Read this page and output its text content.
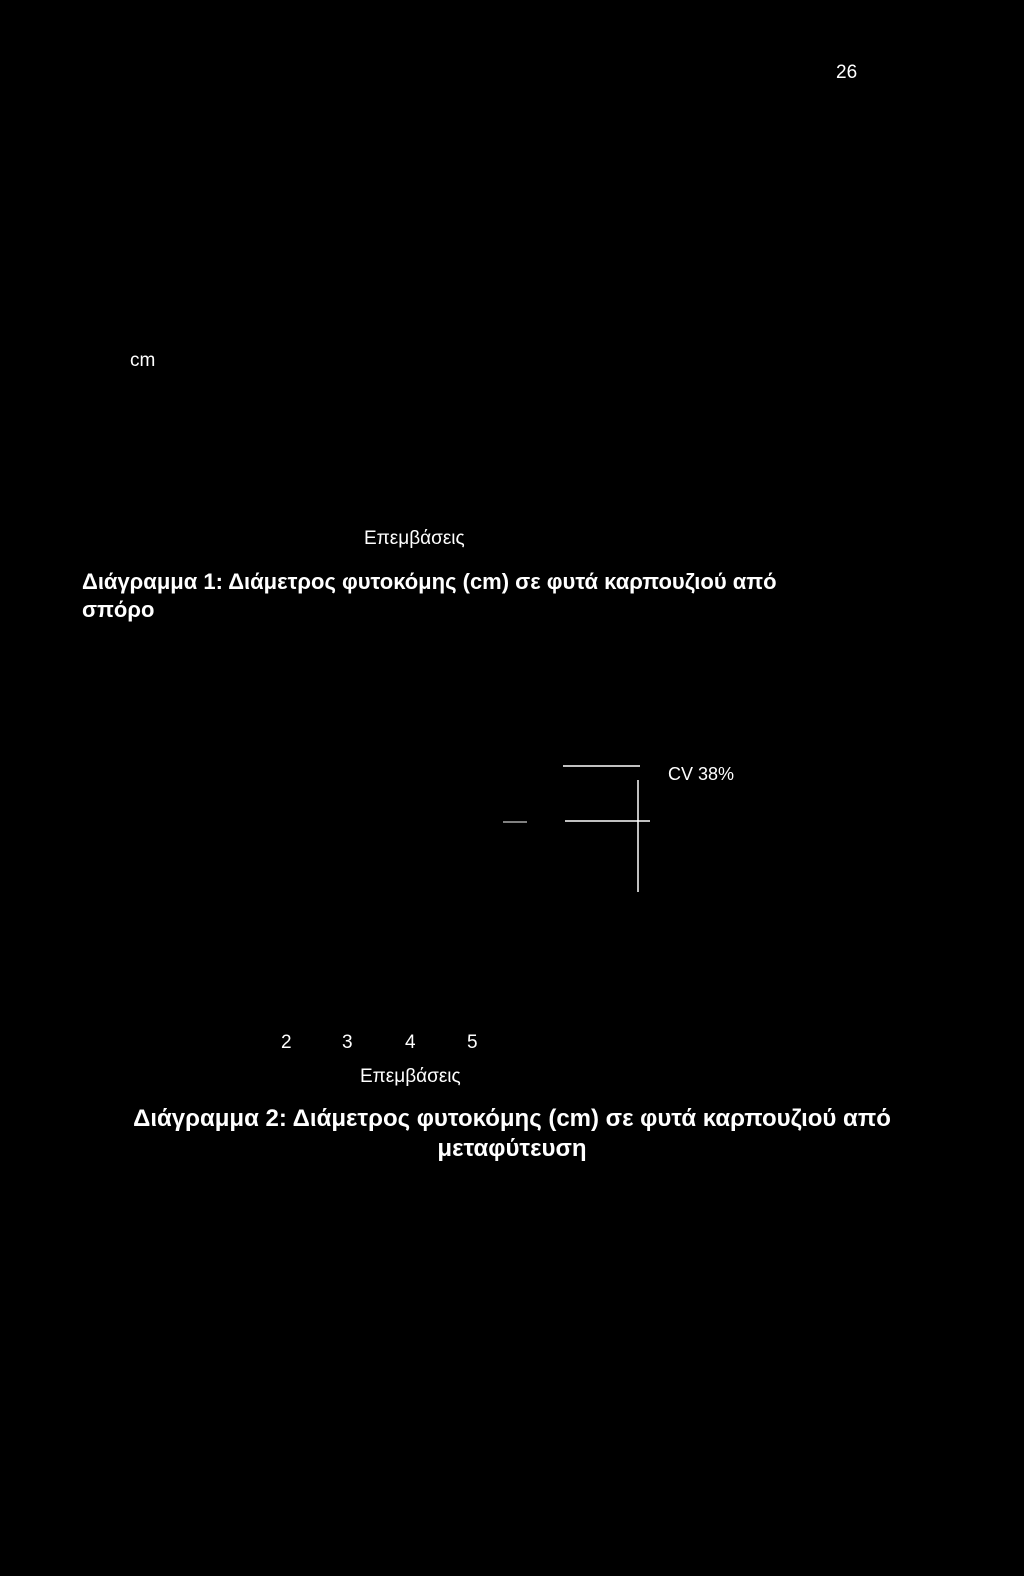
26
cm
Επεμβάσεις
Διάγραμμα 1: Διάμετρος φυτοκόμης (cm) σε φυτά καρπουζιού από σπόρο
CV 38%
2	3	4	5
Επεμβάσεις
Διάγραμμα 2: Διάμετρος φυτοκόμης (cm) σε φυτά καρπουζιού από μεταφύτευση
